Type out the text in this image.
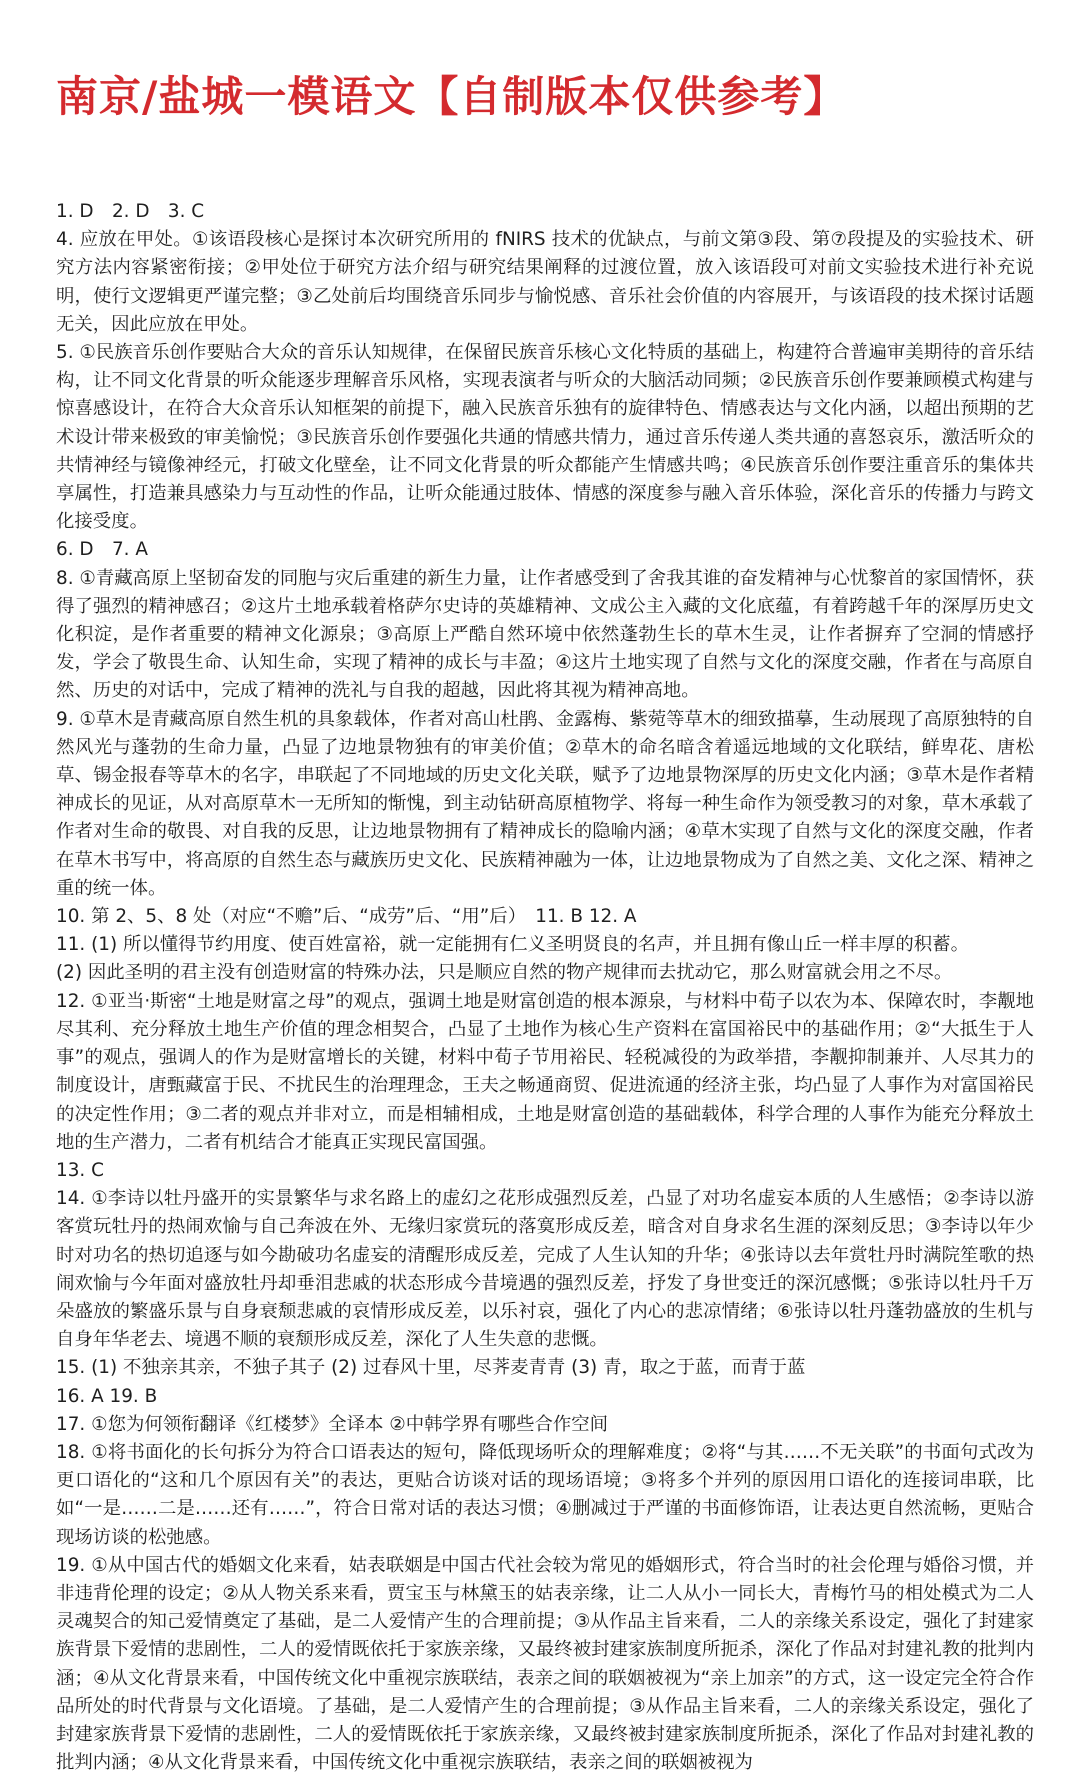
南京/盐城一模语文【自制版本仅供参考】

1. D　2. D　3. C

4. 应放在甲处。①该语段核心是探讨本次研究所用的 fNIRS 技术的优缺点，与前文第③段、第⑦段提及的实验技术、研究方法内容紧密衔接；②甲处位于研究方法介绍与研究结果阐释的过渡位置，放入该语段可对前文实验技术进行补充说明，使行文逻辑更严谨完整；③乙处前后均围绕音乐同步与愉悦感、音乐社会价值的内容展开，与该语段的技术探讨话题无关，因此应放在甲处。

5. ①民族音乐创作要贴合大众的音乐认知规律，在保留民族音乐核心文化特质的基础上，构建符合普遍审美期待的音乐结构，让不同文化背景的听众能逐步理解音乐风格，实现表演者与听众的大脑活动同频；②民族音乐创作要兼顾模式构建与惊喜感设计，在符合大众音乐认知框架的前提下，融入民族音乐独有的旋律特色、情感表达与文化内涵，以超出预期的艺术设计带来极致的审美愉悦；③民族音乐创作要强化共通的情感共情力，通过音乐传递人类共通的喜怒哀乐，激活听众的共情神经与镜像神经元，打破文化壁垒，让不同文化背景的听众都能产生情感共鸣；④民族音乐创作要注重音乐的集体共享属性，打造兼具感染力与互动性的作品，让听众能通过肢体、情感的深度参与融入音乐体验，深化音乐的传播力与跨文化接受度。

6. D　7. A

8. ①青藏高原上坚韧奋发的同胞与灾后重建的新生力量，让作者感受到了舍我其谁的奋发精神与心忧黎首的家国情怀，获得了强烈的精神感召；②这片土地承载着格萨尔史诗的英雄精神、文成公主入藏的文化底蕴，有着跨越千年的深厚历史文化积淀，是作者重要的精神文化源泉；③高原上严酷自然环境中依然蓬勃生长的草木生灵，让作者摒弃了空洞的情感抒发，学会了敬畏生命、认知生命，实现了精神的成长与丰盈；④这片土地实现了自然与文化的深度交融，作者在与高原自然、历史的对话中，完成了精神的洗礼与自我的超越，因此将其视为精神高地。

9. ①草木是青藏高原自然生机的具象载体，作者对高山杜鹃、金露梅、紫菀等草木的细致描摹，生动展现了高原独特的自然风光与蓬勃的生命力量，凸显了边地景物独有的审美价值；②草木的命名暗含着遥远地域的文化联结，鲜卑花、唐松草、锡金报春等草木的名字，串联起了不同地域的历史文化关联，赋予了边地景物深厚的历史文化内涵；③草木是作者精神成长的见证，从对高原草木一无所知的惭愧，到主动钻研高原植物学、将每一种生命作为领受教习的对象，草木承载了作者对生命的敬畏、对自我的反思，让边地景物拥有了精神成长的隐喻内涵；④草木实现了自然与文化的深度交融，作者在草木书写中，将高原的自然生态与藏族历史文化、民族精神融为一体，让边地景物成为了自然之美、文化之深、精神之重的统一体。

10. 第 2、5、8 处（对应“不赡”后、“成劳”后、“用”后）　11. B 12. A

11. (1) 所以懂得节约用度、使百姓富裕，就一定能拥有仁义圣明贤良的名声，并且拥有像山丘一样丰厚的积蓄。

(2) 因此圣明的君主没有创造财富的特殊办法，只是顺应自然的物产规律而去扰动它，那么财富就会用之不尽。

12. ①亚当·斯密“土地是财富之母”的观点，强调土地是财富创造的根本源泉，与材料中荀子以农为本、保障农时，李觏地尽其利、充分释放土地生产价值的理念相契合，凸显了土地作为核心生产资料在富国裕民中的基础作用；②“大抵生于人事”的观点，强调人的作为是财富增长的关键，材料中荀子节用裕民、轻税减役的为政举措，李觏抑制兼并、人尽其力的制度设计，唐甄藏富于民、不扰民生的治理理念，王夫之畅通商贸、促进流通的经济主张，均凸显了人事作为对富国裕民的决定性作用；③二者的观点并非对立，而是相辅相成，土地是财富创造的基础载体，科学合理的人事作为能充分释放土地的生产潜力，二者有机结合才能真正实现民富国强。

13. C

14. ①李诗以牡丹盛开的实景繁华与求名路上的虚幻之花形成强烈反差，凸显了对功名虚妄本质的人生感悟；②李诗以游客赏玩牡丹的热闹欢愉与自己奔波在外、无缘归家赏玩的落寞形成反差，暗含对自身求名生涯的深刻反思；③李诗以年少时对功名的热切追逐与如今勘破功名虚妄的清醒形成反差，完成了人生认知的升华；④张诗以去年赏牡丹时满院笙歌的热闹欢愉与今年面对盛放牡丹却垂泪悲戚的状态形成今昔境遇的强烈反差，抒发了身世变迁的深沉感慨；⑤张诗以牡丹千万朵盛放的繁盛乐景与自身衰颓悲戚的哀情形成反差，以乐衬哀，强化了内心的悲凉情绪；⑥张诗以牡丹蓬勃盛放的生机与自身年华老去、境遇不顺的衰颓形成反差，深化了人生失意的悲慨。

15. (1) 不独亲其亲，不独子其子 (2) 过春风十里，尽荠麦青青 (3) 青，取之于蓝，而青于蓝

16. A 19. B

17. ①您为何领衔翻译《红楼梦》全译本 ②中韩学界有哪些合作空间

18. ①将书面化的长句拆分为符合口语表达的短句，降低现场听众的理解难度；②将“与其……不无关联”的书面句式改为更口语化的“这和几个原因有关”的表达，更贴合访谈对话的现场语境；③将多个并列的原因用口语化的连接词串联，比如“一是……二是……还有……”，符合日常对话的表达习惯；④删减过于严谨的书面修饰语，让表达更自然流畅，更贴合现场访谈的松弛感。

19. ①从中国古代的婚姻文化来看，姑表联姻是中国古代社会较为常见的婚姻形式，符合当时的社会伦理与婚俗习惯，并非违背伦理的设定；②从人物关系来看，贾宝玉与林黛玉的姑表亲缘，让二人从小一同长大，青梅竹马的相处模式为二人灵魂契合的知己爱情奠定了基础，是二人爱情产生的合理前提；③从作品主旨来看，二人的亲缘关系设定，强化了封建家族背景下爱情的悲剧性，二人的爱情既依托于家族亲缘，又最终被封建家族制度所扼杀，深化了作品对封建礼教的批判内涵；④从文化背景来看，中国传统文化中重视宗族联结，表亲之间的联姻被视为“亲上加亲”的方式，这一设定完全符合作品所处的时代背景与文化语境。了基础，是二人爱情产生的合理前提；③从作品主旨来看，二人的亲缘关系设定，强化了封建家族背景下爱情的悲剧性，二人的爱情既依托于家族亲缘，又最终被封建家族制度所扼杀，深化了作品对封建礼教的批判内涵；④从文化背景来看，中国传统文化中重视宗族联结，表亲之间的联姻被视为
